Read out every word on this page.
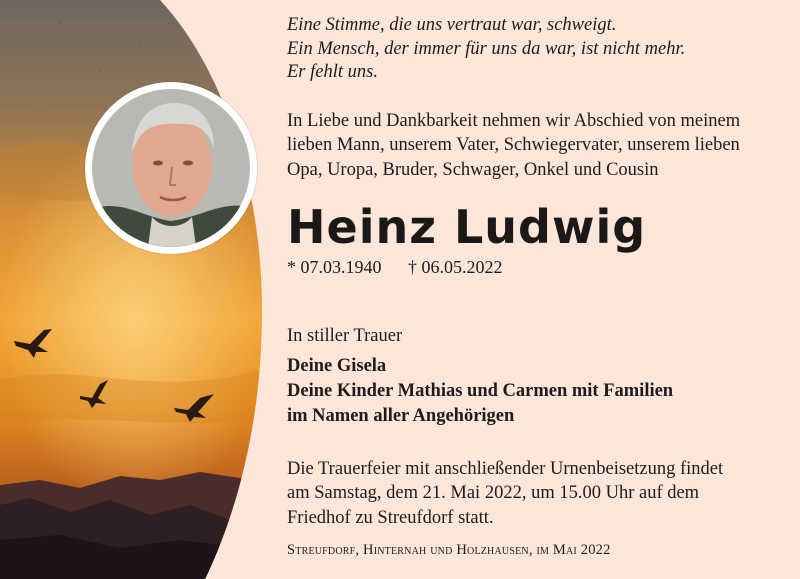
Eine Stimme, die uns vertraut war, schweigt.

Ein Mensch, der immer für uns da war, ist nicht mehr.

Er fehlt uns.

In Liebe und Dankbarkeit nehmen wir Abschied von meinem

lieben Mann, unserem Vater, Schwiegervater, unserem lieben

Opa, Uropa, Bruder, Schwager, Onkel und Cousin

Heinz Ludwig
* 07.03.1940 † 06.05.2022

In stiller Trauer

Deine Gisela
Deine Kinder Mathias und Carmen mit Familien
im Namen aller Angehörigen

Die Trauerfeier mit anschließender Urnenbeisetzung findet

am Samstag, dem 21. Mai 2022, um 15.00 Uhr auf dem

Friedhof zu Streufdorf statt.

Streufdorf, Hinternah und Holzhausen, im Mai 2022
